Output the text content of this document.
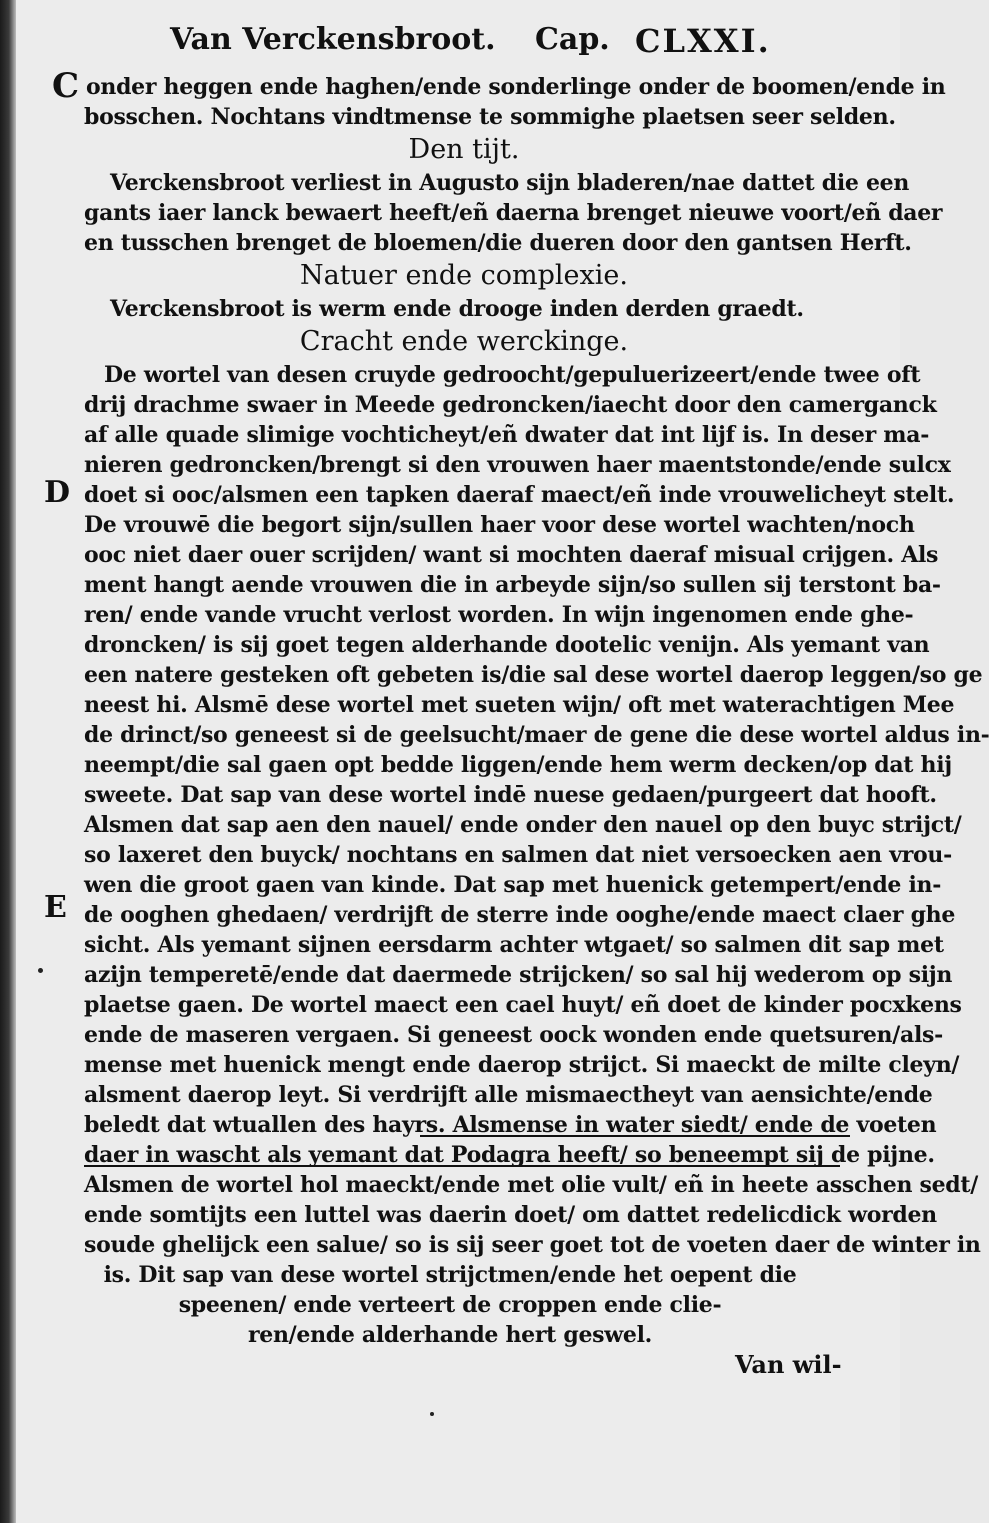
Van Verckensbroot. Cap. CLXXI.
C onder heggen ende haghen/ende sonderlinge onder de boomen/ende in
bosschen. Nochtans vindtmense te sommighe plaetsen seer selden.
Den tijt.
Verckensbroot verliest in Augusto sijn bladeren/nae dattet die een
gants iaer lanck bewaert heeft/eñ daerna brenget nieuwe voort/eñ daer
en tusschen brenget de bloemen/die dueren door den gantsen Herft.
Natuer ende complexie.
Verckensbroot is werm ende drooge inden derden graedt.
Cracht ende werckinge.
De wortel van desen cruyde gedroocht/gepuluerizeert/ende twee oft
drij drachme swaer in Meede gedroncken/iaecht door den camerganck
af alle quade slimige vochticheyt/eñ dwater dat int lijf is. In deser ma-
nieren gedroncken/brengt si den vrouwen haer maentstonde/ende sulcx
D doet si ooc/alsmen een tapken daeraf maect/eñ inde vrouwelicheyt stelt.
De vrouwē die begort sijn/sullen haer voor dese wortel wachten/noch
ooc niet daer ouer scrijden/ want si mochten daeraf misual crijgen. Als
ment hangt aende vrouwen die in arbeyde sijn/so sullen sij terstont ba-
ren/ ende vande vrucht verlost worden. In wijn ingenomen ende ghe-
droncken/ is sij goet tegen alderhande dootelic venijn. Als yemant van
een natere gesteken oft gebeten is/die sal dese wortel daerop leggen/so ge
neest hi. Alsmē dese wortel met sueten wijn/ oft met waterachtigen Mee
de drinct/so geneest si de geelsucht/maer de gene die dese wortel aldus in-
neempt/die sal gaen opt bedde liggen/ende hem werm decken/op dat hij
sweete. Dat sap van dese wortel indē nuese gedaen/purgeert dat hooft.
Alsmen dat sap aen den nauel/ ende onder den nauel op den buyc strijct/
so laxeret den buyck/ nochtans en salmen dat niet versoecken aen vrou-
wen die groot gaen van kinde. Dat sap met huenick getempert/ende in-
E de ooghen ghedaen/ verdrijft de sterre inde ooghe/ende maect claer ghe
sicht. Als yemant sijnen eersdarm achter wtgaet/ so salmen dit sap met
azijn temperetē/ende dat daermede strijcken/ so sal hij wederom op sijn
plaetse gaen. De wortel maect een cael huyt/ eñ doet de kinder pocxkens
ende de maseren vergaen. Si geneest oock wonden ende quetsuren/als-
mense met huenick mengt ende daerop strijct. Si maeckt de milte cleyn/
alsment daerop leyt. Si verdrijft alle mismaectheyt van aensichte/ende
beledt dat wtuallen des hayrs. Alsmense in water siedt/ ende de voeten
daer in wascht als yemant dat Podagra heeft/ so beneempt sij de pijne.
Alsmen de wortel hol maeckt/ende met olie vult/ eñ in heete asschen sedt/
ende somtijts een luttel was daerin doet/ om dattet redelicdick worden
soude ghelijck een salue/ so is sij seer goet tot de voeten daer de winter in
is. Dit sap van dese wortel strijctmen/ende het oepent die
speenen/ ende verteert de croppen ende clie-
ren/ende alderhande hert geswel.
Van wil-
